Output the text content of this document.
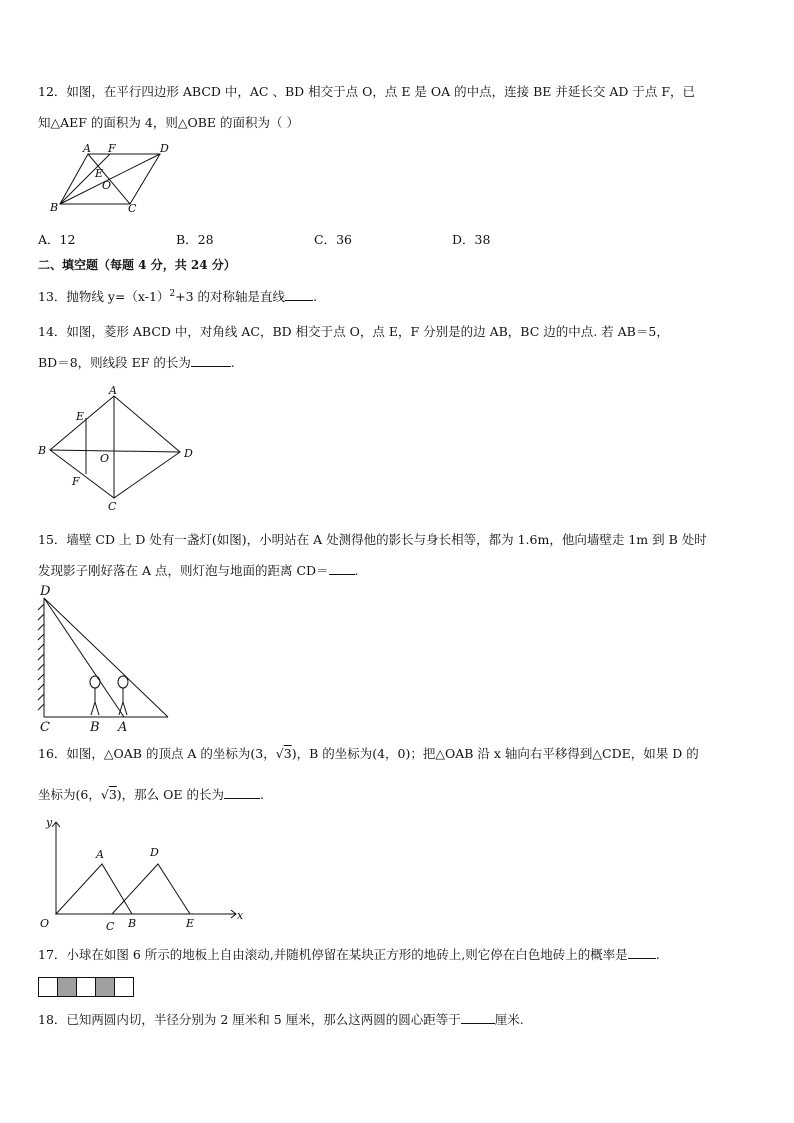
12．如图，在平行四边形 ABCD 中，AC 、BD 相交于点 O，点 E 是 OA 的中点，连接 BE 并延长交 AD 于点 F，已
知△AEF 的面积为 4，则△OBE 的面积为（ ）
A F	D
E
O
B	C
A．12	B．28	C．36	D．38
二、填空题（每题 4 分，共 24 分）
13．抛物线 $y=(x-1)^2+3$ 的对称轴是直线 .
14．如图，菱形 ABCD 中，对角线 AC，BD 相交于点 O，点 E，F 分别是的边 AB，BC 边的中点. 若 AB＝5，
BD＝8，则线段 EF 的长为	.
A
E
B
O	D
F
C
15．墙壁 CD 上 D 处有一盏灯(如图)，小明站在 A 处测得他的影长与身长相等，都为 1.6m，他向墙壁走 1m 到 B 处时
发现影子刚好落在 A 点，则灯泡与地面的距离 CD＝ .
D
C	B A
16．如图，△OAB 的顶点 A 的坐标为(3，√3)，B 的坐标为(4，0)；把△OAB 沿 x 轴向右平移得到△CDE，如果 D 的
坐标为(6，√3)，那么 OE 的长为	.
y
A	D
O	C B	E
x
17．小球在如图 6 所示的地板上自由滚动,并随机停留在某块正方形的地砖上,则它停在白色地砖上的概率是 .
18．已知两圆内切，半径分别为 2 厘米和 5 厘米，那么这两圆的圆心距等于	厘米.
